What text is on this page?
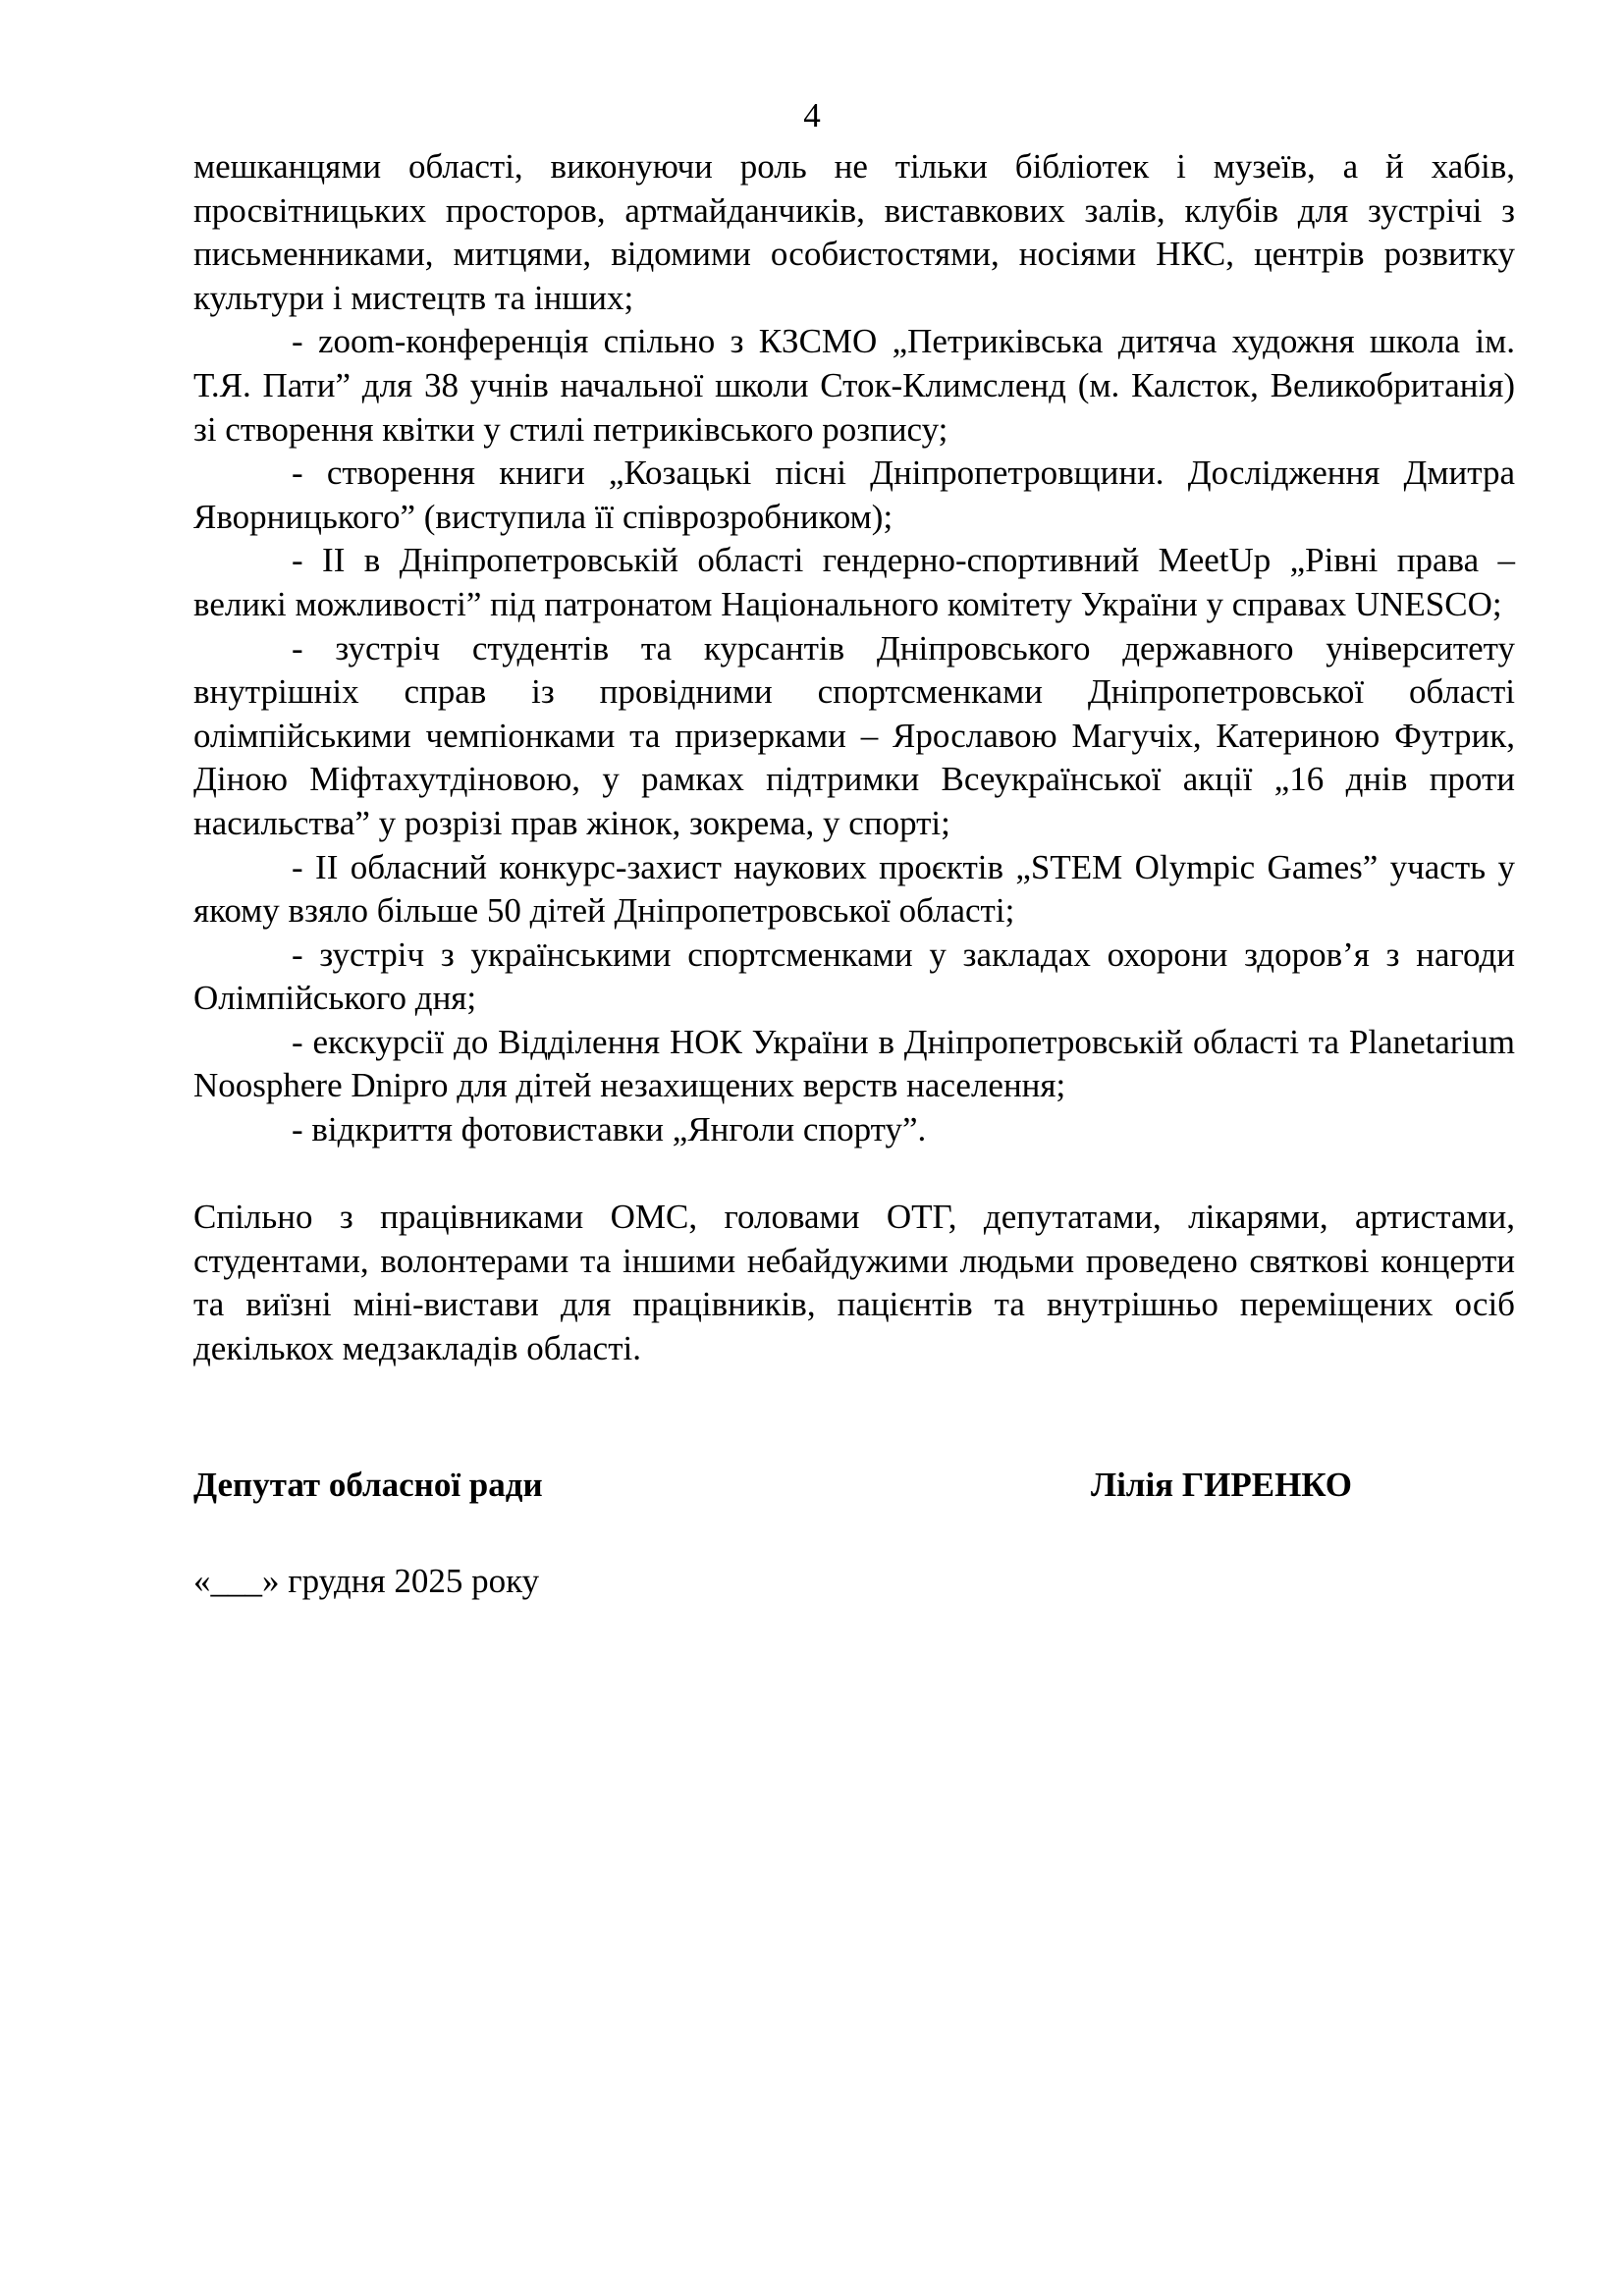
4

мешканцями області, виконуючи роль не тільки бібліотек і музеїв, а й хабів, просвітницьких просторов, артмайданчиків, виставкових залів, клубів для зустрічі з письменниками, митцями, відомими особистостями, носіями НКС, центрів розвитку культури і мистецтв та інших;

- zoom-конференція спільно з КЗСМО „Петриківська дитяча художня школа ім. Т.Я. Пати” для 38 учнів начальної школи Сток-Климсленд (м. Калсток, Великобританія) зі створення квітки у стилі петриківського розпису;

- створення книги „Козацькі пісні Дніпропетровщини. Дослідження Дмитра Яворницького” (виступила її співрозробником);

- ІІ в Дніпропетровській області гендерно-спортивний MeetUp „Рівні права – великі можливості” під патронатом Національного комітету України у справах UNESCO;

- зустріч студентів та курсантів Дніпровського державного університету внутрішніх справ із провідними спортсменками Дніпропетровської області олімпійськими чемпіонками та призерками – Ярославою Магучіх, Катериною Футрик, Діною Міфтахутдіновою, у рамках підтримки Всеукраїнської акції „16 днів проти насильства” у розрізі прав жінок, зокрема, у спорті;

- ІІ обласний конкурс-захист наукових проєктів „STEM Olympic Games” участь у якому взяло більше 50 дітей Дніпропетровської області;

- зустріч з українськими спортсменками у закладах охорони здоров’я з нагоди Олімпійського дня;

- екскурсії до Відділення НОК України в Дніпропетровській області та Planetarium Noosphere Dnipro для дітей незахищених верств населення;

- відкриття фотовиставки „Янголи спорту”.

Спільно з працівниками ОМС, головами ОТГ, депутатами, лікарями, артистами, студентами, волонтерами та іншими небайдужими людьми проведено святкові концерти та виїзні міні-вистави для працівників, пацієнтів та внутрішньо переміщених осіб декількох медзакладів області.

Депутат обласної ради	Лілія ГИРЕНКО
«___» грудня 2025 року
